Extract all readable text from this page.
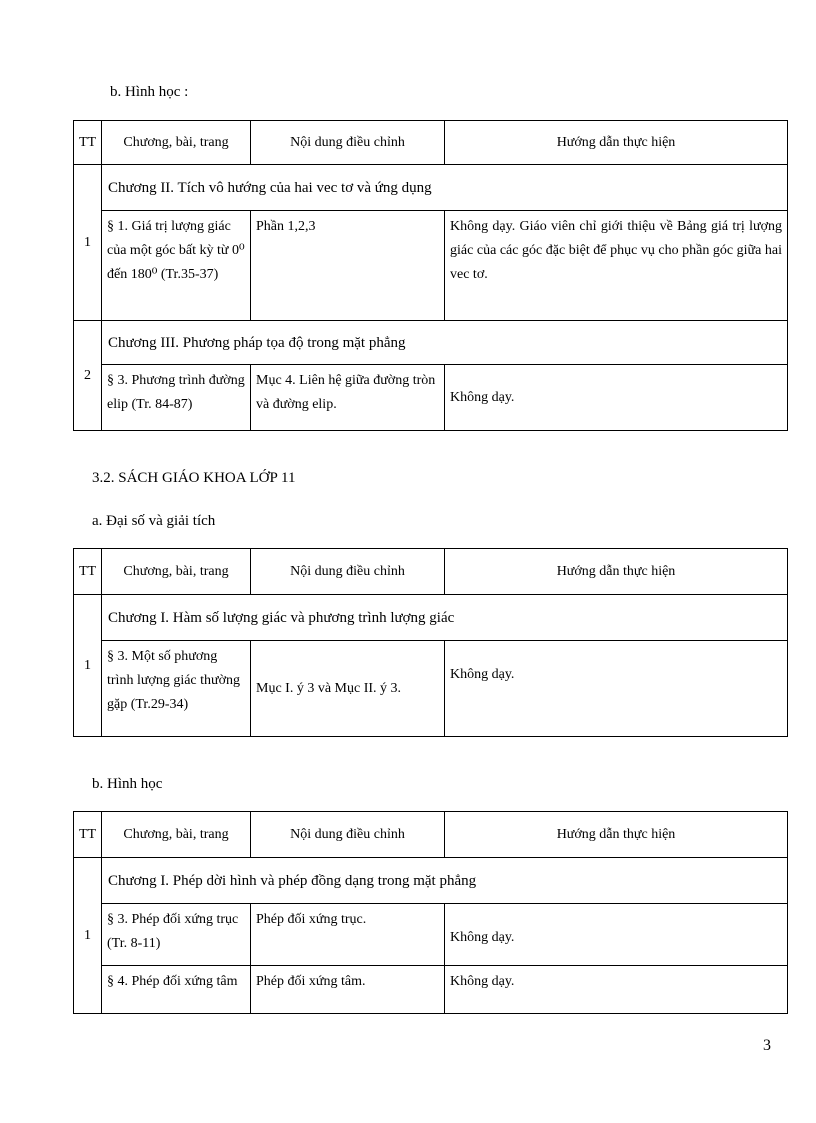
b. Hình học :
TT	Chương, bài, trang	Nội dung điều chỉnh	Hướng dẫn thực hiện
1	Chương II. Tích vô hướng của hai vec tơ và ứng dụng		
	§ 1. Giá trị lượng giác của một góc bất kỳ từ 0⁰ đến 180⁰ (Tr.35-37)	Phần 1,2,3	Không dạy. Giáo viên chỉ giới thiệu về Bảng giá trị lượng giác của các góc đặc biệt để phục vụ cho phần góc giữa hai vec tơ.
2	Chương III. Phương pháp tọa độ trong mặt phẳng		
	§ 3. Phương trình đường elip (Tr. 84-87)	Mục 4. Liên hệ giữa đường tròn và đường elip.	Không dạy.
3.2. SÁCH GIÁO KHOA LỚP 11
a. Đại số và giải tích
TT	Chương, bài, trang	Nội dung điều chỉnh	Hướng dẫn thực hiện
1	Chương I. Hàm số lượng giác và phương trình lượng giác		
	§ 3. Một số phương trình lượng giác thường gặp (Tr.29-34)	Mục I. ý 3 và Mục II. ý 3.	Không dạy.
b. Hình học
TT	Chương, bài, trang	Nội dung điều chỉnh	Hướng dẫn thực hiện
1	Chương I. Phép dời hình và phép đồng dạng trong mặt phẳng		
	§ 3. Phép đối xứng trục (Tr. 8-11)	Phép đối xứng trục.	Không dạy.
	§ 4. Phép đối xứng tâm	Phép đối xứng tâm.	Không dạy.
3
